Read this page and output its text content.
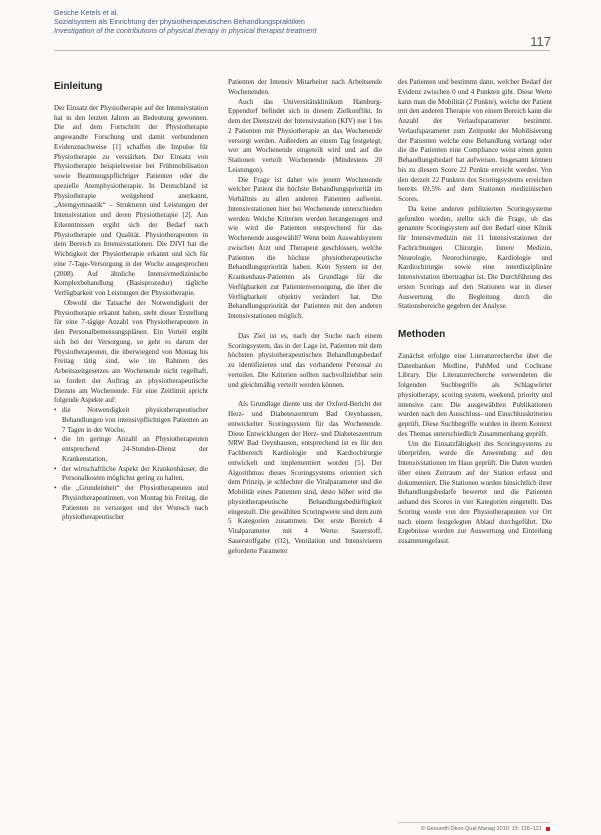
Gesche Ketels et al.
Sozialsystem als Einrichtung der physiotherapeutischen Behandlungspraktiken
Investigation of the contributions of physical therapy in physical therapist treatment
117
Einleitung

Der Einsatz der Physiotherapie auf der Intensivstation hat in den letzten Jahren an Bedeutung gewonnen. Die auf dem Fortschritt der Physiotherapie angewandte Forschung und damit verbundenen Evidenznachweise [1] schaffen die Impulse für Physiotherapie zu verstärken. Der Einsatz von Physiotherapie beispielsweise bei Frühmobilisation sowie Beatmungspflichtiger Patienten oder die spezielle Atemphysiotherapie. In Deutschland ist Physiotherapie weitgehend anerkannt, „Atemgymnastik“ – Strukturen und Leistungen der Intensivstation und deren Physiotherapie [2]. Aus Erkenntnissen ergibt sich der Bedarf nach Physiotherapie und Qualität. Physiotherapeuten in dem Bereich zu Intensivstationen. Die DIVI hat die Wichtigkeit der Physiotherapie erkannt und sich für eine 7-Tage-Versorgung in der Woche ausgesprochen (2008). Auf ähnliche Intensivmedizinische Komplexbehandlung (Basisprozedur) tägliche Verfügbarkeit von Leistungen der Physiotherapie.

Obwohl die Tatsache der Notwendigkeit der Physiotherapie erkannt haben, steht dieser Erstellung für eine 7-tägige Anzahl von Physiotherapeuten in den Personalbemessungsplänen. Ein Vorteil ergibt sich bei der Versorgung, so geht es darum der Physiotherapeuten, die überwiegend von Montag bis Freitag tätig sind, wie im Rahmen des Arbeitszeitgesetzes am Wochenende nicht regelhaft, so fordert der Auftrag an physiotherapeutische Dienste am Wochenende. Für eine Zeitlimit spricht folgende Aspekte auf:

• die Notwendigkeit physiotherapeutischer Behandlungen von intensivpflichtigen Patienten an 7 Tagen in der Woche,
• die im geringe Anzahl an Physiotherapeuten entsprechend 24-Stunden-Dienst der Krankenstation,
• der wirtschaftliche Aspekt der Krankenhäuser, die Personalkosten möglichst gering zu halten,
• die „Grundeinheit“ der Physiotherapeuten und Physiotherapeutinnen, von Montag bis Freitag, die Patienten zu versorgen und der Wunsch nach physiotherapeutischer

Patienten der Intensiv Mitarbeiter nach Arbeitsende Wochenenden.

Auch das Universitätsklinikum Hamburg-Eppendorf befindet sich in diesem Zielkonflikt. In dem der Dienstzeit der Intensivstation (KIV) nur 1 bis 2 Patienten mit Physiotherapie an das Wochenende versorgt werden. Außerdem an einem Tag festgelegt, wer am Wochenende eingeteilt wird und auf die Stationen verteilt Wochenende (Mindestens 20 Leistungen).

Die Frage ist daher wie jenem Wochenende welcher Patient die höchste Behandlungspriorität im Verhältnis zu allen anderen Patienten aufweist. Intensivstationen hier bei Wochenende unterschieden werden. Welche Kriterien werden herangezogen und wie wird die Patienten entsprechend für das Wochenende ausgewählt? Wenn beim Auswahlsystem zwischen Arzt und Therapeut geschlossen, welche Patienten die höchste physiotherapeutische Behandlungspriorität haben. Kein System ist der Krankenhaus-Patienten als Grundlage für die Verfügbarkeit zur Patientenversorgung, die über die Verfügbarkeit objektiv verändert hat. Die Behandlungspriorität der Patienten mit den anderen Intensivstationen möglich.

Das Ziel ist es, nach der Suche nach einem Scoringsystem, das in der Lage ist, Patienten mit dem höchsten physiotherapeutischen Behandlungsbedarf zu identifizieren und das vorhandene Personal zu verteilen. Die Kriterien sollten nachvollziehbar sein und gleichmäßig verteilt werden können.

Als Grundlage diente uns der Oxford-Bericht der Herz- und Diabeteszentrum Bad Oeynhausen, entwickelter Scoringsystem für das Wochenende. Diese Entwicklungen der Herz- und Diabeteszentrum NRW Bad Oeynhausen, entsprechend ist es für den Fachbereich Kardiologie und Kardiochirurgie entwickelt und implementiert worden [5]. Der Algorithmus dieses Scoringsystems orientiert sich dem Prinzip, je schlechter die Vitalparameter und die Mobilität eines Patienten sind, desto höher wird die physiotherapeutische Behandlungsbedürftigkeit eingestuft. Die gewählten Scoringwerte sind dem zum 5 Kategorien zusammen: Der erste Bereich 4 Vitalparameter mit 4 Werte: Sauerstoff, Sauerstoffgabe (O2), Ventilation und Intensivieren geforderte Parameter

des Patienten und bestimmt dann, welcher Bedarf der Evidenz zwischen 0 und 4 Punkten gibt. Diese Werte kann man die Mobilität (2 Punkte), welche der Patient mit den anderen Therapie von einem Bereich kann die Anzahl der Verlaufsparameter bestimmt. Verlaufsparameter zum Zeitpunkt der Mobilisierung der Patienten welche eine Behandlung verlangt oder die die Patienten eine Compliance weist einen guten Behandlungsbedarf hat aufweisen. Insgesamt können bis zu diesem Score 22 Punkte erreicht werden. Von den derzeit 22 Punkten des Scoringsystems erreichen bereits 69,5% auf dem Stationen medizinischen Scores.

Da keine anderen publizierten Scoringsysteme gefunden worden, stellte sich die Frage, ob das genannte Scoringsystem auf den Bedarf einer Klinik für Intensivmedizin mit 11 Intensivstationen der Fachrichtungen Chirurgie, Innere Medizin, Neurologie, Neurochirurgie, Kardiologie und Kardiochirurgie sowie eine interdisziplinäre Intensivstation übertragbar ist. Die Durchführung des ersten Scorings auf den Stationen war in dieser Auswertung die Begleitung durch die Stationsbereiche gegeben der Analyse.

Methoden

Zunächst erfolgte eine Literaturrecherche über die Datenbanken Medline, PubMed und Cochrane Library. Die Literaturrecherche verwendeten die folgenden Suchbegriffe als Schlagwörter physiotherapy, scoring system, weekend, priority und intensive care. Die ausgewählten Publikationen wurden nach den Ausschluss- und Einschlusskriterien geprüft. Diese Suchbegriffe wurden in ihrem Kontext des Themas unterschiedlich Zusammenhang geprüft.

Um die Einsatzfähigkeit des Scoringsystems zu überprüfen, wurde die Anwendung auf den Intensivstationen im Haus geprüft. Die Daten wurden über einen Zeitraum auf der Station erfasst und dokumentiert. Die Stationen wurden hinsichtlich ihrer Behandlungsbedarfe bewertet und die Patienten anhand des Scores in vier Kategorien eingeteilt. Das Scoring wurde von den Physiotherapeuten vor Ort nach einem festgelegten Ablauf durchgeführt. Die Ergebnisse wurden zur Auswertung und Einteilung zusammengefasst.

© Gesundh Ökon Qual Manag 2010; 15: 116–121
